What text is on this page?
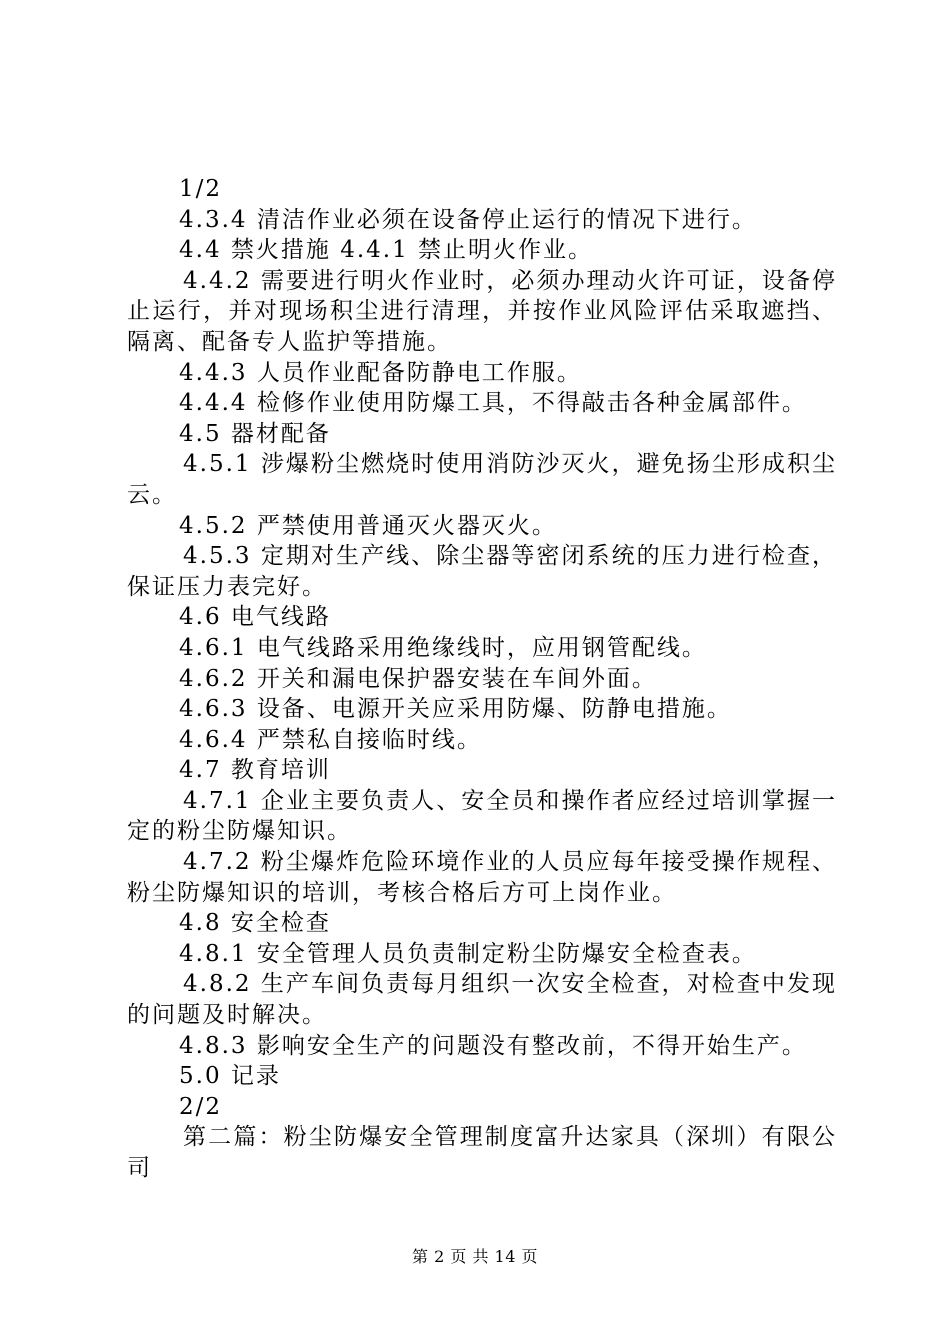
1/2

4.3.4 清洁作业必须在设备停止运行的情况下进行。

4.4 禁火措施 4.4.1 禁止明火作业。

4.4.2 需要进行明火作业时，必须办理动火许可证，设备停止运行，并对现场积尘进行清理，并按作业风险评估采取遮挡、隔离、配备专人监护等措施。

4.4.3 人员作业配备防静电工作服。

4.4.4 检修作业使用防爆工具，不得敲击各种金属部件。

4.5 器材配备

4.5.1 涉爆粉尘燃烧时使用消防沙灭火，避免扬尘形成积尘云。

4.5.2 严禁使用普通灭火器灭火。

4.5.3 定期对生产线、除尘器等密闭系统的压力进行检查，保证压力表完好。

4.6 电气线路

4.6.1 电气线路采用绝缘线时，应用钢管配线。

4.6.2 开关和漏电保护器安装在车间外面。

4.6.3 设备、电源开关应采用防爆、防静电措施。

4.6.4 严禁私自接临时线。

4.7 教育培训

4.7.1 企业主要负责人、安全员和操作者应经过培训掌握一定的粉尘防爆知识。

4.7.2 粉尘爆炸危险环境作业的人员应每年接受操作规程、粉尘防爆知识的培训，考核合格后方可上岗作业。

4.8 安全检查

4.8.1 安全管理人员负责制定粉尘防爆安全检查表。

4.8.2 生产车间负责每月组织一次安全检查，对检查中发现的问题及时解决。

4.8.3 影响安全生产的问题没有整改前，不得开始生产。

5.0 记录

2/2

第二篇：粉尘防爆安全管理制度富升达家具（深圳）有限公司

第 2 页 共 14 页
